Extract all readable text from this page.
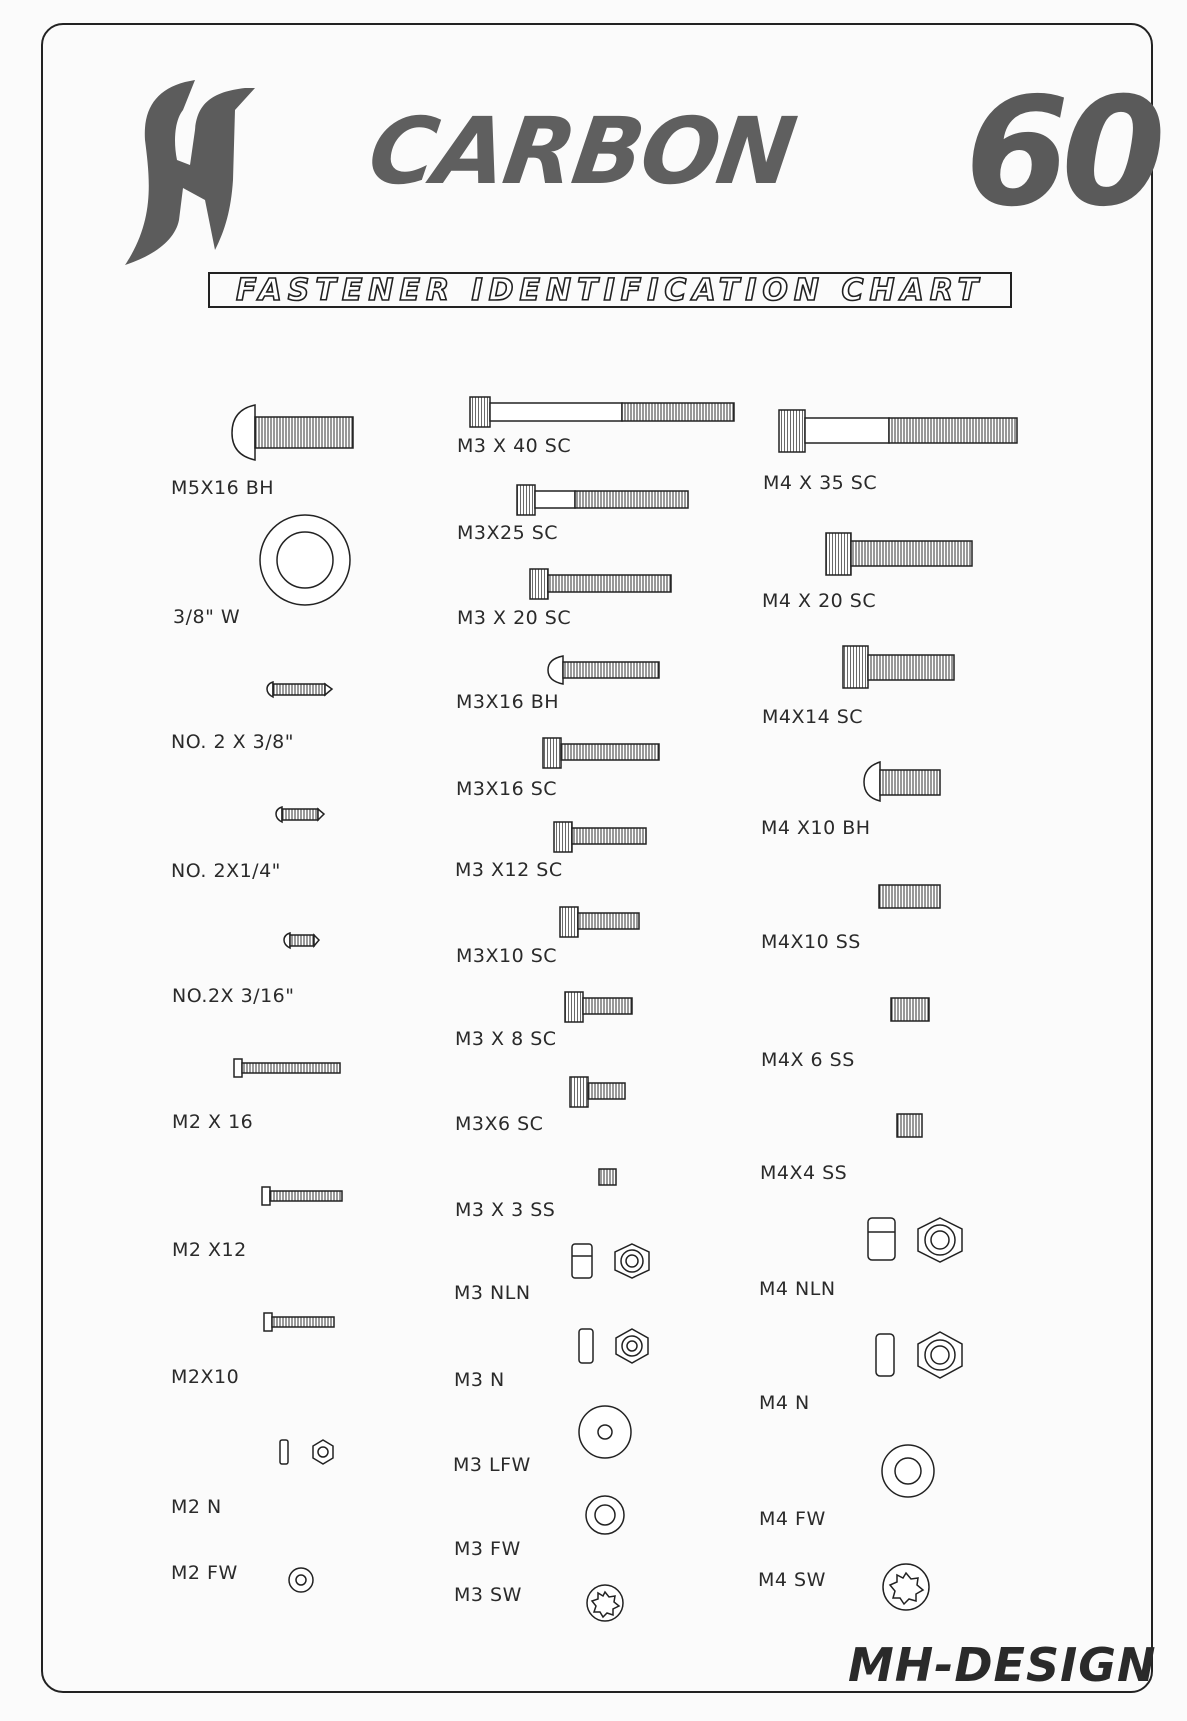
CARBON 60
FASTENER IDENTIFICATION CHART
M5X16 BH
3/8" W
NO. 2 X 3/8"
NO. 2X1/4"
NO.2X 3/16"
M2 X 16
M2 X12
M2X10
M2 N
M2 FW
M3 X 40 SC
M3X25 SC
M3 X 20 SC
M3X16 BH
M3X16 SC
M3 X12 SC
M3X10 SC
M3 X 8 SC
M3X6 SC
M3 X 3 SS
M3 NLN
M3 N
M3 LFW
M3 FW
M3 SW
M4 X 35 SC
M4 X 20 SC
M4X14 SC
M4 X10 BH
M4X10 SS
M4X 6 SS
M4X4 SS
M4 NLN
M4 N
M4 FW
M4 SW
MH-DESIGN
